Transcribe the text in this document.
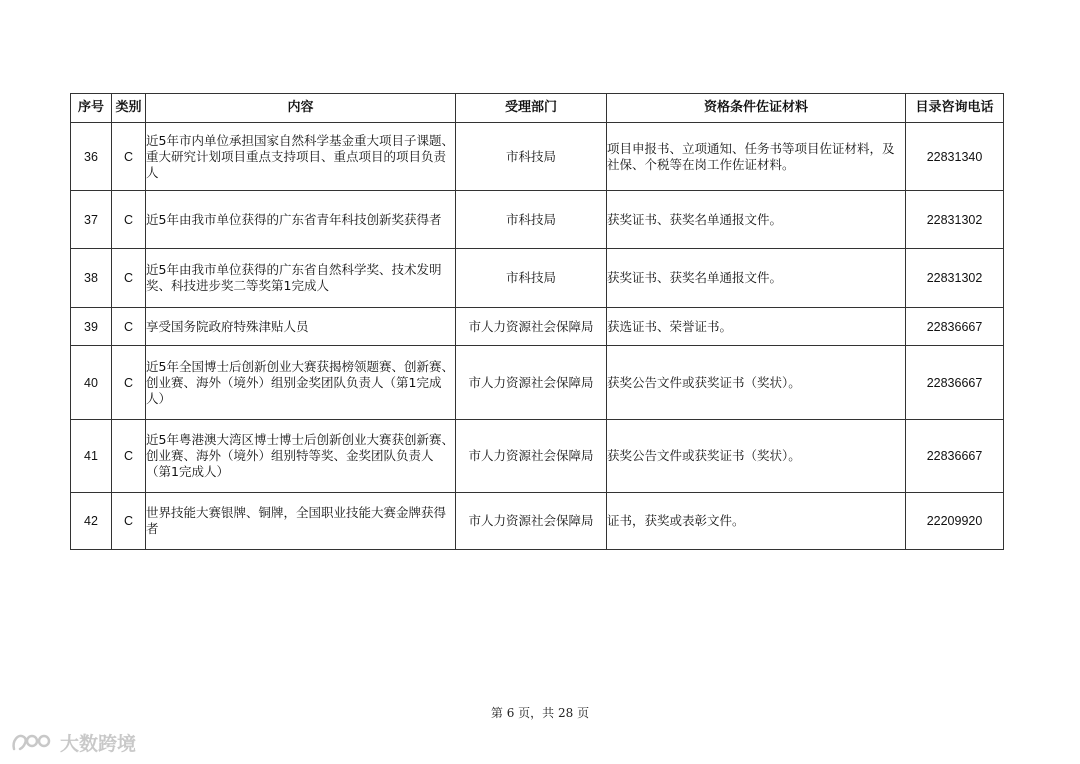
序号	类别	内容	受理部门	资格条件佐证材料	目录咨询电话
36	C	近5年市内单位承担国家自然科学基金重大项目子课题、重大研究计划项目重点支持项目、重点项目的项目负责人	市科技局	项目申报书、立项通知、任务书等项目佐证材料，及社保、个税等在岗工作佐证材料。	22831340
37	C	近5年由我市单位获得的广东省青年科技创新奖获得者	市科技局	获奖证书、获奖名单通报文件。	22831302
38	C	近5年由我市单位获得的广东省自然科学奖、技术发明奖、科技进步奖二等奖第1完成人	市科技局	获奖证书、获奖名单通报文件。	22831302
39	C	享受国务院政府特殊津贴人员	市人力资源社会保障局	获选证书、荣誉证书。	22836667
40	C	近5年全国博士后创新创业大赛获揭榜领题赛、创新赛、创业赛、海外（境外）组别金奖团队负责人（第1完成人）	市人力资源社会保障局	获奖公告文件或获奖证书（奖状）。	22836667
41	C	近5年粤港澳大湾区博士博士后创新创业大赛获创新赛、创业赛、海外（境外）组别特等奖、金奖团队负责人（第1完成人）	市人力资源社会保障局	获奖公告文件或获奖证书（奖状）。	22836667
42	C	世界技能大赛银牌、铜牌，全国职业技能大赛金牌获得者	市人力资源社会保障局	证书，获奖或表彰文件。	22209920
第 6 页，共 28 页
大数跨境
